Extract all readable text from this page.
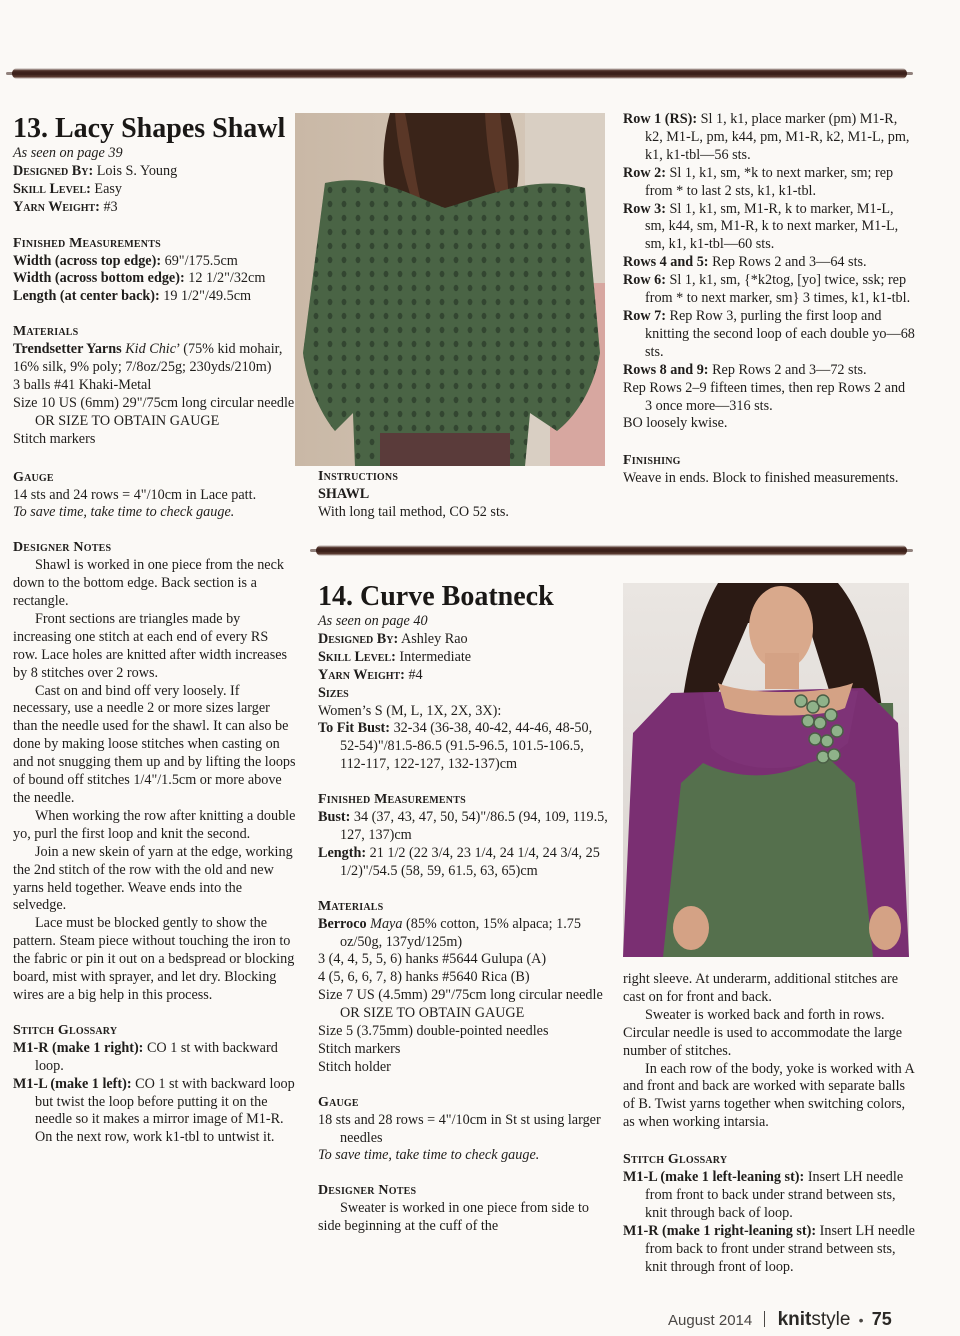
13. Lacy Shapes Shawl

As seen on page 39

Designed By: Lois S. Young

Skill Level: Easy

Yarn Weight: #3

Finished Measurements

Width (across top edge): 69"/175.5cm

Width (across bottom edge): 12 1/2"/32cm

Length (at center back): 19 1/2"/49.5cm

Materials

Trendsetter Yarns Kid Chic’ (75% kid mohair, 16% silk, 9% poly; 7/8oz/25g; 230yds/210m)

3 balls #41 Khaki-Metal

Size 10 US (6mm) 29"/75cm long circular needle OR SIZE TO OBTAIN GAUGE

Stitch markers

Gauge

14 sts and 24 rows = 4"/10cm in Lace patt.

To save time, take time to check gauge.

Designer Notes

Shawl is worked in one piece from the neck down to the bottom edge. Back section is a rectangle.

Front sections are triangles made by increasing one stitch at each end of every RS row. Lace holes are knitted after width increases by 8 stitches over 2 rows.

Cast on and bind off very loosely. If necessary, use a needle 2 or more sizes larger than the needle used for the shawl. It can also be done by making loose stitches when casting on and not snugging them up and by lifting the loops of bound off stitches 1/4"/1.5cm or more above the needle.

When working the row after knitting a double yo, purl the first loop and knit the second.

Join a new skein of yarn at the edge, working the 2nd stitch of the row with the old and new yarns held together. Weave ends into the selvedge.

Lace must be blocked gently to show the pattern. Steam piece without touching the iron to the fabric or pin it out on a bedspread or blocking board, mist with sprayer, and let dry. Blocking wires are a big help in this process.

Stitch Glossary

M1-R (make 1 right): CO 1 st with backward loop.

M1-L (make 1 left): CO 1 st with backward loop but twist the loop before putting it on the needle so it makes a mirror image of M1-R. On the next row, work k1-tbl to untwist it.

Instructions

SHAWL

With long tail method, CO 52 sts.

Row 1 (RS): Sl 1, k1, place marker (pm) M1-R, k2, M1-L, pm, k44, pm, M1-R, k2, M1-L, pm, k1, k1-tbl—56 sts.

Row 2: Sl 1, k1, sm, *k to next marker, sm; rep from * to last 2 sts, k1, k1-tbl.

Row 3: Sl 1, k1, sm, M1-R, k to marker, M1-L, sm, k44, sm, M1-R, k to next marker, M1-L, sm, k1, k1-tbl—60 sts.

Rows 4 and 5: Rep Rows 2 and 3—64 sts.

Row 6: Sl 1, k1, sm, {*k2tog, [yo] twice, ssk; rep from * to next marker, sm} 3 times, k1, k1-tbl.

Row 7: Rep Row 3, purling the first loop and knitting the second loop of each double yo—68 sts.

Rows 8 and 9: Rep Rows 2 and 3—72 sts.

Rep Rows 2–9 fifteen times, then rep Rows 2 and 3 once more—316 sts.

BO loosely kwise.

Finishing

Weave in ends. Block to finished measurements.

14. Curve Boatneck

As seen on page 40

Designed By: Ashley Rao

Skill Level: Intermediate

Yarn Weight: #4

Sizes

Women’s S (M, L, 1X, 2X, 3X):

To Fit Bust: 32-34 (36-38, 40-42, 44-46, 48-50, 52-54)"/81.5-86.5 (91.5-96.5, 101.5-106.5, 112-117, 122-127, 132-137)cm

Finished Measurements

Bust: 34 (37, 43, 47, 50, 54)"/86.5 (94, 109, 119.5, 127, 137)cm

Length: 21 1/2 (22 3/4, 23 1/4, 24 1/4, 24 3/4, 25 1/2)"/54.5 (58, 59, 61.5, 63, 65)cm

Materials

Berroco Maya (85% cotton, 15% alpaca; 1.75 oz/50g, 137yd/125m)

3 (4, 4, 5, 5, 6) hanks #5644 Gulupa (A)

4 (5, 6, 6, 7, 8) hanks #5640 Rica (B)

Size 7 US (4.5mm) 29"/75cm long circular needle OR SIZE TO OBTAIN GAUGE

Size 5 (3.75mm) double-pointed needles

Stitch markers

Stitch holder

Gauge

18 sts and 28 rows = 4"/10cm in St st using larger needles

To save time, take time to check gauge.

Designer Notes

Sweater is worked in one piece from side to side beginning at the cuff of the

right sleeve. At underarm, additional stitches are cast on for front and back.

Sweater is worked back and forth in rows. Circular needle is used to accommodate the large number of stitches.

In each row of the body, yoke is worked with A and front and back are worked with separate balls of B. Twist yarns together when switching colors, as when working intarsia.

Stitch Glossary

M1-L (make 1 left-leaning st): Insert LH needle from front to back under strand between sts, knit through back of loop.

M1-R (make 1 right-leaning st): Insert LH needle from back to front under strand between sts, knit through front of loop.

August 2014 knitstyle • 75
